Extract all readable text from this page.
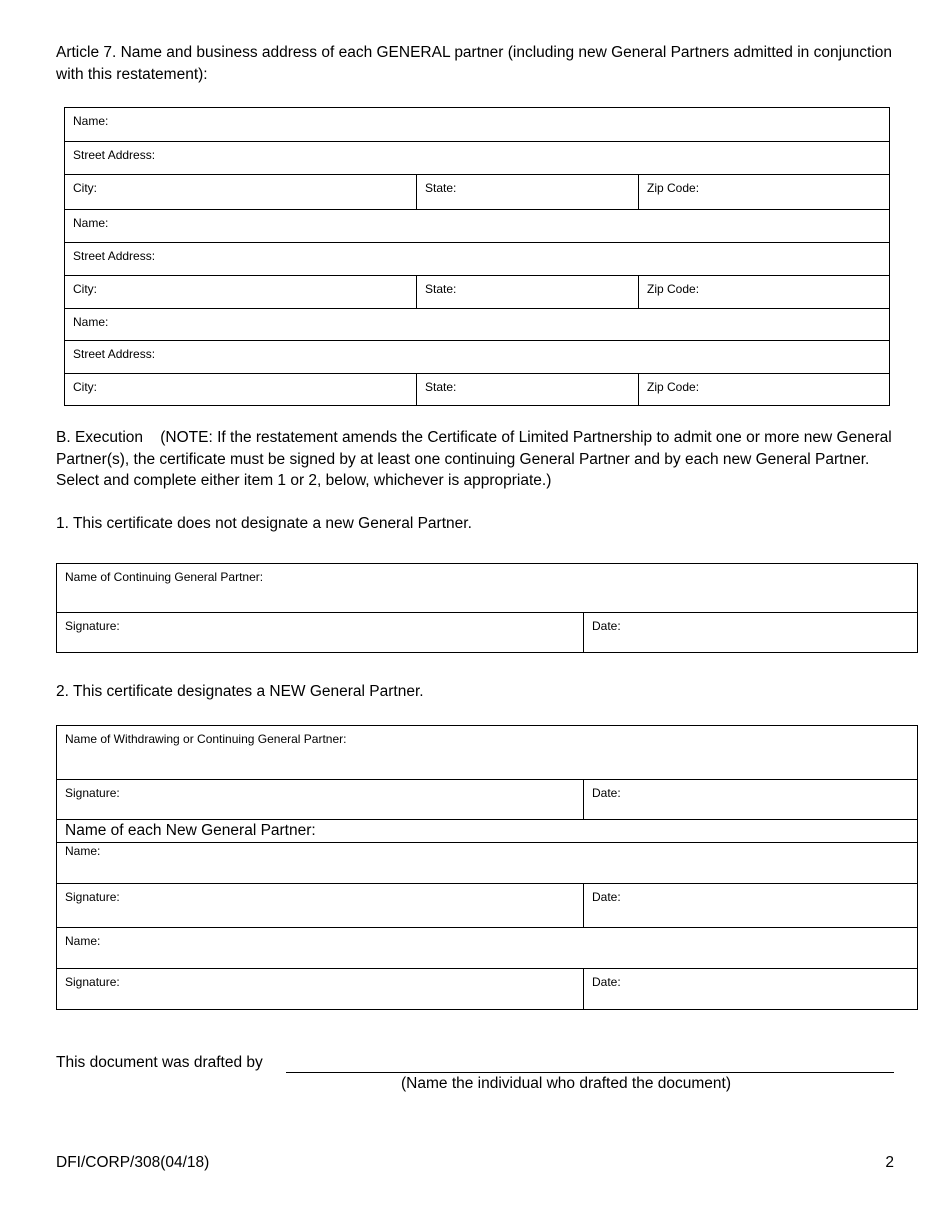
Article 7. Name and business address of each GENERAL partner (including new General Partners admitted in conjunction with this restatement):
Name:
Street Address:
City:	State:	Zip Code:
Name:
Street Address:
City:	State:	Zip Code:
Name:
Street Address:
City:	State:	Zip Code:
B. Execution (NOTE: If the restatement amends the Certificate of Limited Partnership to admit one or more new General Partner(s), the certificate must be signed by at least one continuing General Partner and by each new General Partner. Select and complete either item 1 or 2, below, whichever is appropriate.)
1. This certificate does not designate a new General Partner.
Name of Continuing General Partner:
Signature:	Date:
2. This certificate designates a NEW General Partner.
Name of Withdrawing or Continuing General Partner:
Signature:	Date:
Name of each New General Partner:
Name:
Signature:	Date:
Name:
Signature:	Date:
This document was drafted by
(Name the individual who drafted the document)
DFI/CORP/308(04/18)	2
